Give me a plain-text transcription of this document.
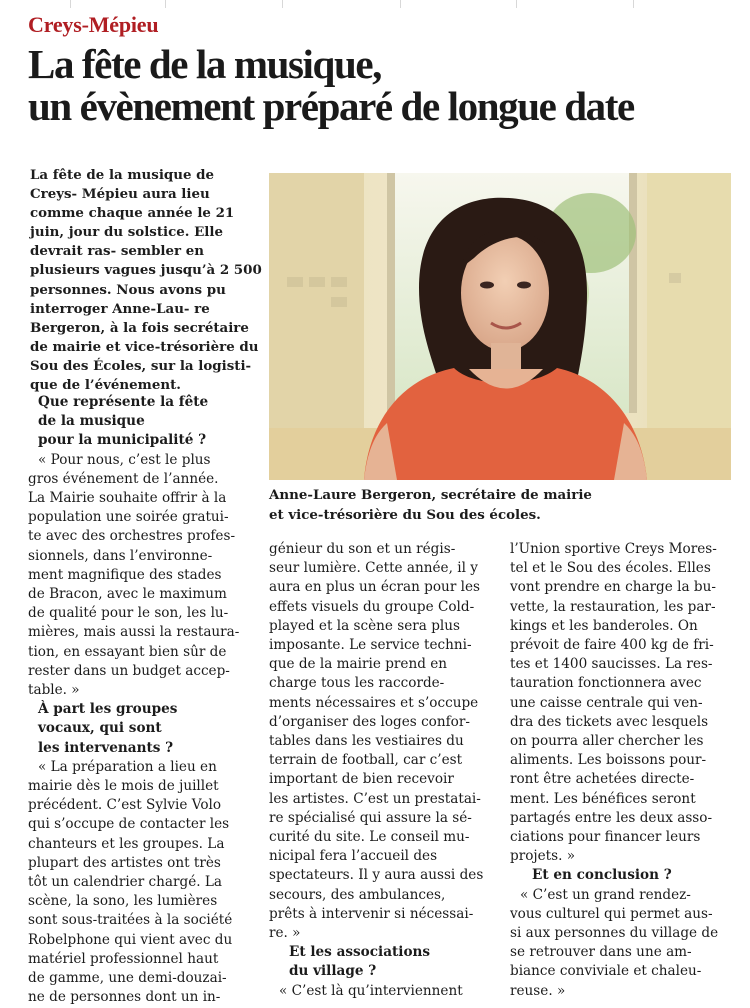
Creys-Mépieu
La fête de la musique,
un évènement préparé de longue date
La fête de la musique de Creys- Mépieu aura lieu comme chaque année le 21 juin, jour du solstice. Elle devrait ras- sembler en plusieurs vagues jusqu’à 2 500 personnes. Nous avons pu interroger Anne-Lau- re Bergeron, à la fois secrétaire de mairie et vice-trésorière du Sou des Écoles, sur la logisti- que de l’événement.
Anne-Laure Bergeron, secrétaire de mairie
et vice-trésorière du Sou des écoles.
Que représente la fête
de la musique
pour la municipalité ?
« Pour nous, c’est le plus
gros événement de l’année.
La Mairie souhaite offrir à la
population une soirée gratui-
te avec des orchestres profes-
sionnels, dans l’environne-
ment magnifique des stades
de Bracon, avec le maximum
de qualité pour le son, les lu-
mières, mais aussi la restaura-
tion, en essayant bien sûr de
rester dans un budget accep-
table. »
À part les groupes
vocaux, qui sont
les intervenants ?
« La préparation a lieu en
mairie dès le mois de juillet
précédent. C’est Sylvie Volo
qui s’occupe de contacter les
chanteurs et les groupes. La
plupart des artistes ont très
tôt un calendrier chargé. La
scène, la sono, les lumières
sont sous-traitées à la société
Robelphone qui vient avec du
matériel professionnel haut
de gamme, une demi-douzai-
ne de personnes dont un in-
génieur du son et un régis-
seur lumière. Cette année, il y
aura en plus un écran pour les
effets visuels du groupe Cold-
played et la scène sera plus
imposante. Le service techni-
que de la mairie prend en
charge tous les raccorde-
ments nécessaires et s’occupe
d’organiser des loges confor-
tables dans les vestiaires du
terrain de football, car c’est
important de bien recevoir
les artistes. C’est un prestatai-
re spécialisé qui assure la sé-
curité du site. Le conseil mu-
nicipal fera l’accueil des
spectateurs. Il y aura aussi des
secours, des ambulances,
prêts à intervenir si nécessai-
re. »
Et les associations
du village ?
« C’est là qu’interviennent
l’Union sportive Creys Mores-
tel et le Sou des écoles. Elles
vont prendre en charge la bu-
vette, la restauration, les par-
kings et les banderoles. On
prévoit de faire 400 kg de fri-
tes et 1400 saucisses. La res-
tauration fonctionnera avec
une caisse centrale qui ven-
dra des tickets avec lesquels
on pourra aller chercher les
aliments. Les boissons pour-
ront être achetées directe-
ment. Les bénéfices seront
partagés entre les deux asso-
ciations pour financer leurs
projets. »
Et en conclusion ?
« C’est un grand rendez-
vous culturel qui permet aus-
si aux personnes du village de
se retrouver dans une am-
biance conviviale et chaleu-
reuse. »
